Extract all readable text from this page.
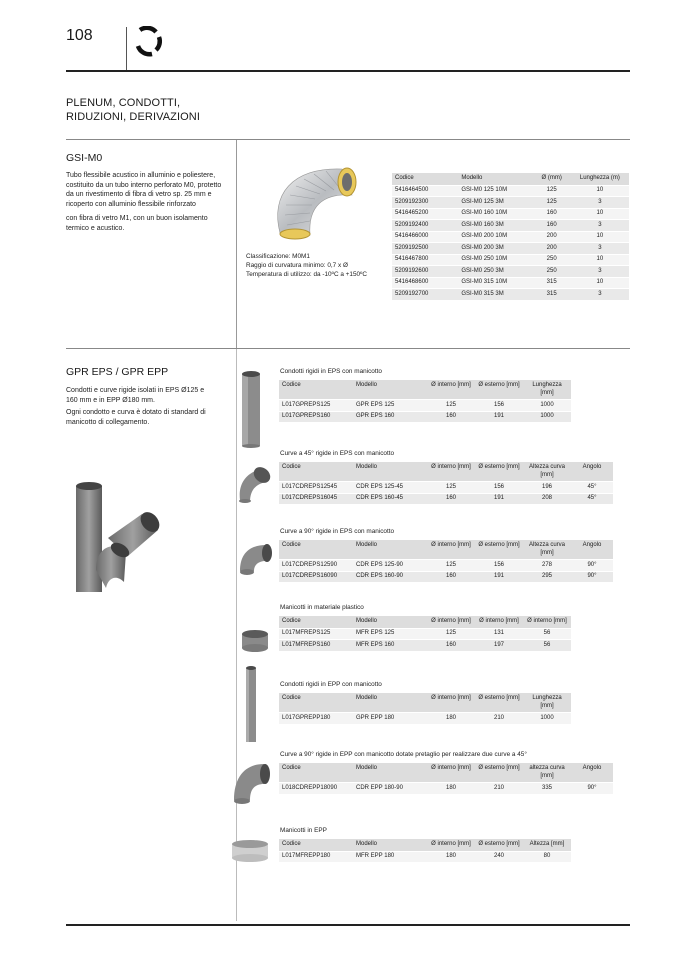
108
PLENUM, CONDOTTI,
RIDUZIONI, DERIVAZIONI
GSI-M0
Tubo flessibile acustico in alluminio e poliestere, costituito da un tubo interno perforato M0, protetto da un rivestimento di fibra di vetro sp. 25 mm e ricoperto con alluminio flessibile rinforzato
con fibra di vetro M1, con un buon isolamento termico e acustico.
Classificazione: M0M1
Raggio di curvatura minimo: 0,7 x Ø
Temperatura di utilizzo: da -10ºC a +150ºC
Codice	Modello	Ø (mm)	Lunghezza (m)
5416464500	GSI-M0 125 10M	125	10
5209192300	GSI-M0 125 3M	125	3
5416465200	GSI-M0 160 10M	160	10
5209192400	GSI-M0 160 3M	160	3
5416466000	GSI-M0 200 10M	200	10
5209192500	GSI-M0 200 3M	200	3
5416467800	GSI-M0 250 10M	250	10
5209192600	GSI-M0 250 3M	250	3
5416468600	GSI-M0 315 10M	315	10
5209192700	GSI-M0 315 3M	315	3
GPR EPS / GPR EPP
Condotti e curve rigide isolati in EPS Ø125 e 160 mm e in EPP Ø180 mm.
Ogni condotto e curva è dotato di standard di manicotto di collegamento.
Condotti rigidi in EPS con manicotto
Codice	Modello	Ø interno [mm]	Ø esterno [mm]	Lunghezza [mm]
L017GPREPS125	GPR EPS 125	125	156	1000
L017GPREPS160	GPR EPS 160	160	191	1000
Curve a 45° rigide in EPS con manicotto
Codice	Modello	Ø interno [mm]	Ø esterno [mm]	Altezza curva [mm]	Angolo
L017CDREPS12545	CDR EPS 125-45	125	156	196	45°
L017CDREPS16045	CDR EPS 160-45	160	191	208	45°
Curve a 90° rigide in EPS con manicotto
Codice	Modello	Ø interno [mm]	Ø esterno [mm]	Altezza curva [mm]	Angolo
L017CDREPS12590	CDR EPS 125-90	125	156	278	90°
L017CDREPS16090	CDR EPS 160-90	160	191	295	90°
Manicotti in materiale plastico
Codice	Modello	Ø interno [mm]	Ø interno [mm]	Ø interno [mm]
L017MFREPS125	MFR EPS 125	125	131	56
L017MFREPS160	MFR EPS 160	160	197	56
Condotti rigidi in EPP con manicotto
Codice	Modello	Ø interno [mm]	Ø esterno [mm]	Lunghezza [mm]
L017GPREPP180	GPR EPP 180	180	210	1000
Curve a 90° rigide in EPP con manicotto dotate pretaglio per realizzare due curve a 45°
Codice	Modello	Ø interno [mm]	Ø esterno [mm]	altezza curva [mm]	Angolo
L018CDREPP18090	CDR EPP 180-90	180	210	335	90°
Manicotti in EPP
Codice	Modello	Ø interno [mm]	Ø esterno [mm]	Altezza [mm]
L017MFREPP180	MFR EPP 180	180	240	80
